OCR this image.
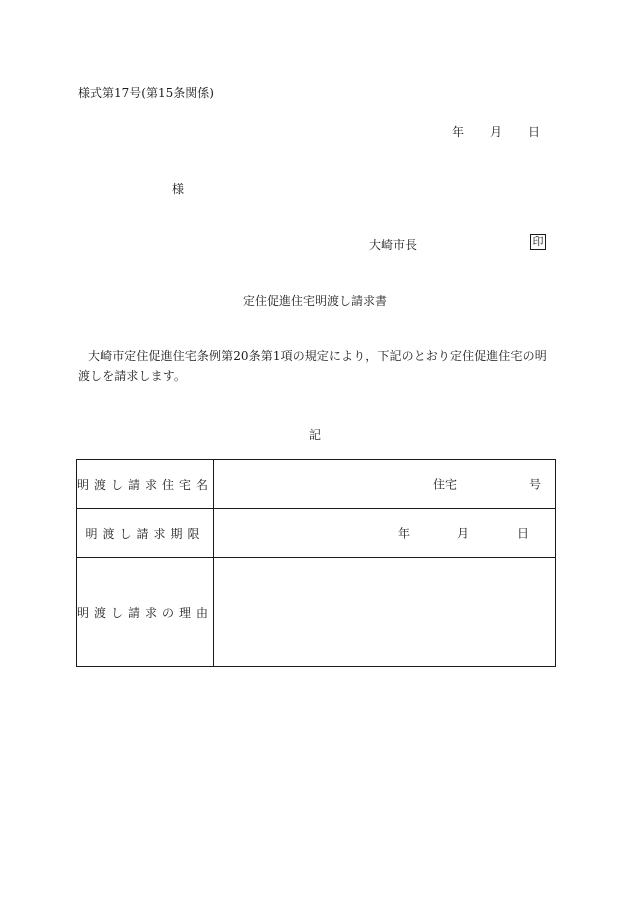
様式第17号(第15条関係)
年 月 日
様
大崎市長	印
定住促進住宅明渡し請求書
大崎市定住促進住宅条例第20条第1項の規定により，下記のとおり定住促進住宅の明渡しを請求します。
記
明渡し請求住宅名	住宅 号

明渡し請求期限	年 月 日

明渡し請求の理由	
